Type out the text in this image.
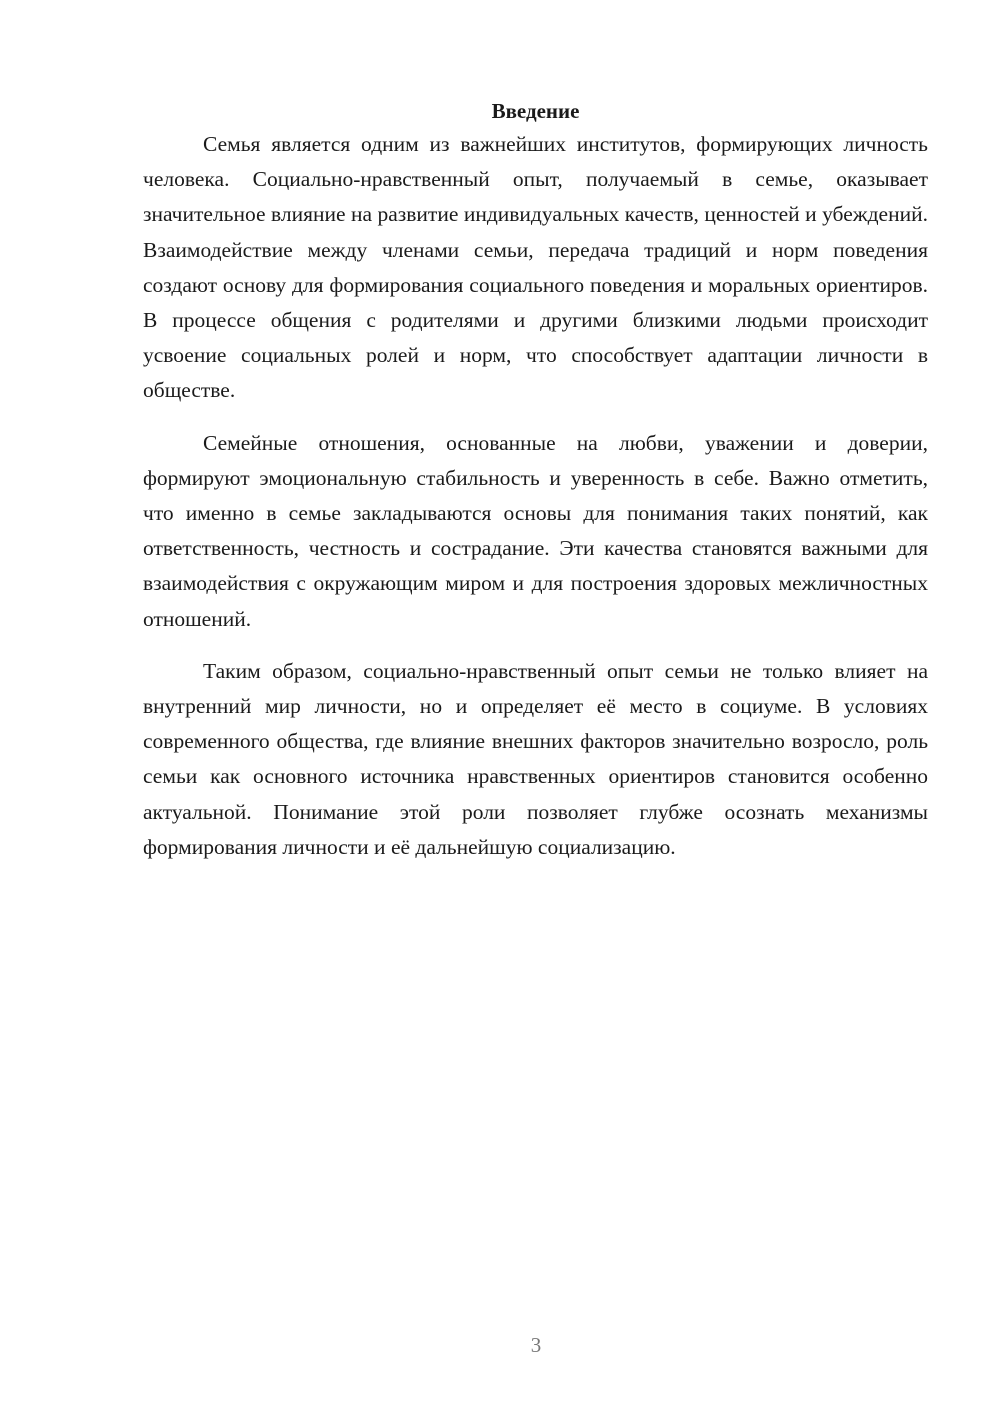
Введение

Семья является одним из важнейших институтов, формирующих личность человека. Социально-нравственный опыт, получаемый в семье, оказывает значительное влияние на развитие индивидуальных качеств, ценностей и убеждений. Взаимодействие между членами семьи, передача традиций и норм поведения создают основу для формирования социального поведения и моральных ориентиров. В процессе общения с родителями и другими близкими людьми происходит усвоение социальных ролей и норм, что способствует адаптации личности в обществе.

Семейные отношения, основанные на любви, уважении и доверии, формируют эмоциональную стабильность и уверенность в себе. Важно отметить, что именно в семье закладываются основы для понимания таких понятий, как ответственность, честность и сострадание. Эти качества становятся важными для взаимодействия с окружающим миром и для построения здоровых межличностных отношений.

Таким образом, социально-нравственный опыт семьи не только влияет на внутренний мир личности, но и определяет её место в социуме. В условиях современного общества, где влияние внешних факторов значительно возросло, роль семьи как основного источника нравственных ориентиров становится особенно актуальной. Понимание этой роли позволяет глубже осознать механизмы формирования личности и её дальнейшую социализацию.

3
